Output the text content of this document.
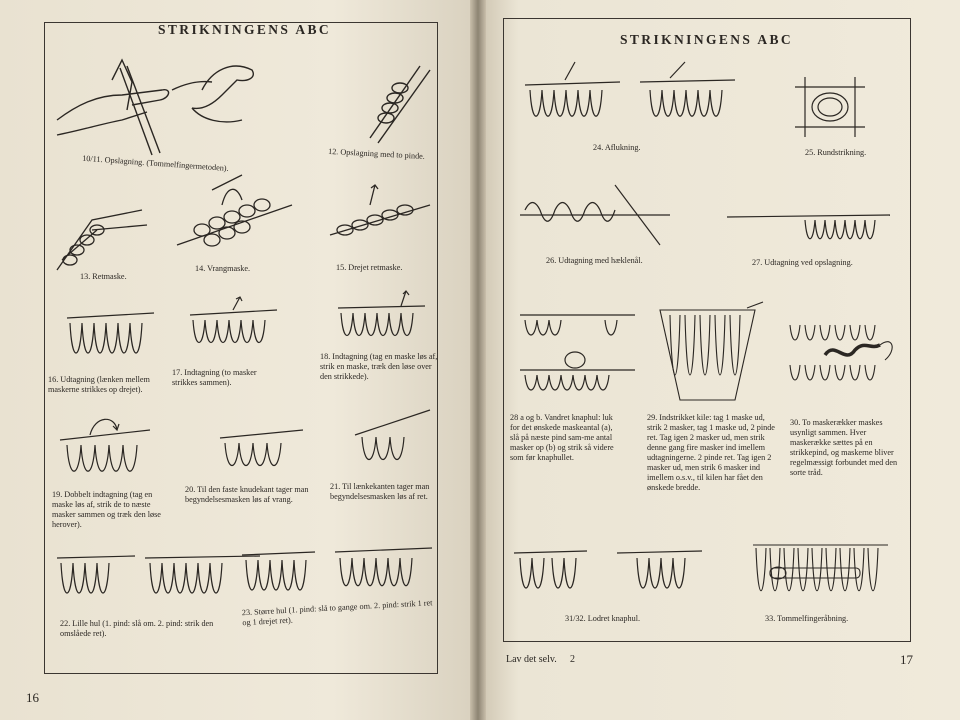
STRIKNINGENS ABC
10/11. Opslagning. (Tommelfingermetoden).	12. Opslagning med to pinde.
13. Retmaske.
14. Vrangmaske.	15. Drejet retmaske.
16. Udtagning (lænken mellem maskerne strikkes op drejet).
17. Indtagning (to masker strikkes sammen).
18. Indtagning (tag en maske løs af, strik en maske, træk den løse over den strikkede).
19. Dobbelt indtagning (tag en maske løs af, strik de to næste masker sammen og træk den løse herover).
20. Til den faste knudekant tager man begyndelsesmasken løs af vrang.
21. Til lænkekanten tager man begyndelsesmasken løs af ret.
22. Lille hul (1. pind: slå om. 2. pind: strik den omslåede ret).
23. Større hul (1. pind: slå to gange om. 2. pind: strik 1 ret og 1 drejet ret).
16
STRIKNINGENS ABC
24. Aflukning.
25. Rundstrikning.
26. Udtagning med hæklenål.	27. Udtagning ved opslagning.
28 a og b. Vandret knaphul: luk for det ønskede maskeantal (a), slå på næste pind sam-me antal masker op (b) og strik så videre som før knaphullet.
29. Indstrikket kile: tag 1 maske ud, strik 2 masker, tag 1 maske ud, 2 pinde ret. Tag igen 2 masker ud, men strik denne gang fire masker ind imellem udtagningerne. 2 pinde ret. Tag igen 2 masker ud, men strik 6 masker ind imellem o.s.v., til kilen har fået den ønskede bredde.
30. To maskerækker maskes usynligt sammen. Hver maskerække sættes på en strikkepind, og maskerne bliver regelmæssigt forbundet med den sorte tråd.
31/32. Lodret knaphul.	33. Tommelfingeråbning.
Lav det selv. 2	17
